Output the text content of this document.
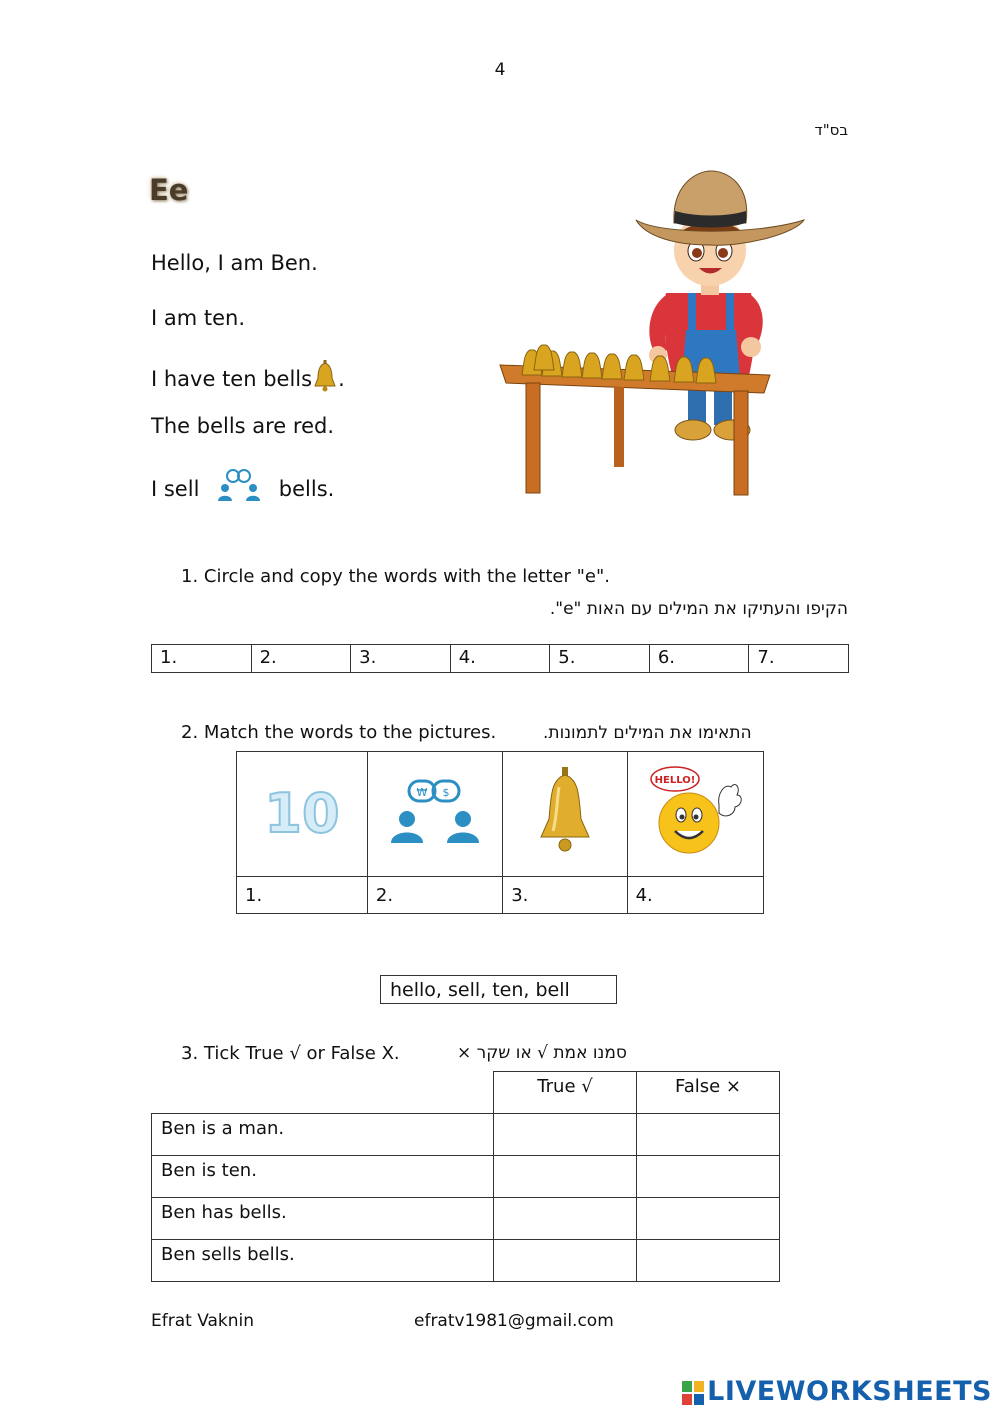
4
בס"ד
Ee
Hello, I am Ben.
I am ten.
I have ten bells .
The bells are red.
I sell	bells.
1. Circle and copy the words with the letter "e".
הקיפו והעתיקו את המילים עם האות "e".
1.	2.	3.	4.	5.	6.	7.
2. Match the words to the pictures.	התאימו את המילים לתמונות.
10	₩ $		HELLO!

1.	2.	3.	4.
hello, sell, ten, bell
3. Tick True √ or False X.	סמנו אמת √ או שקר ×
	True √	False ×
Ben is a man.		
Ben is ten.		
Ben has bells.		
Ben sells bells.		
Efrat Vaknin	efratv1981@gmail.com
LIVEWORKSHEETS
